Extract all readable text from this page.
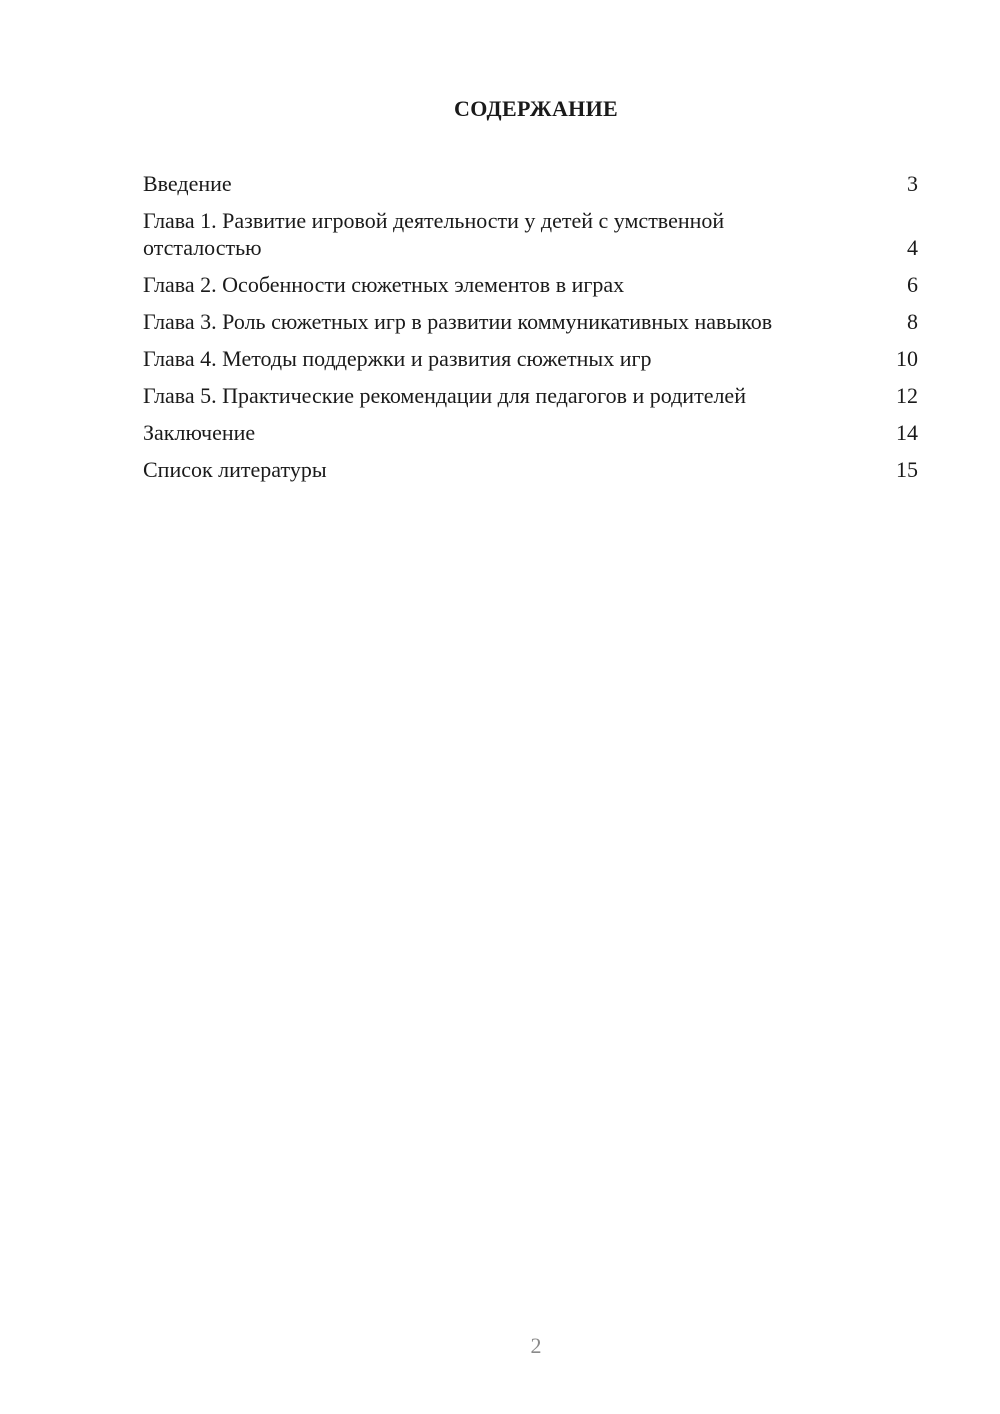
СОДЕРЖАНИЕ
Введение	3
Глава 1. Развитие игровой деятельности у детей с умственной отсталостью	4
Глава 2. Особенности сюжетных элементов в играх	6
Глава 3. Роль сюжетных игр в развитии коммуникативных навыков	8
Глава 4. Методы поддержки и развития сюжетных игр	10
Глава 5. Практические рекомендации для педагогов и родителей	12
Заключение	14
Список литературы	15
2
